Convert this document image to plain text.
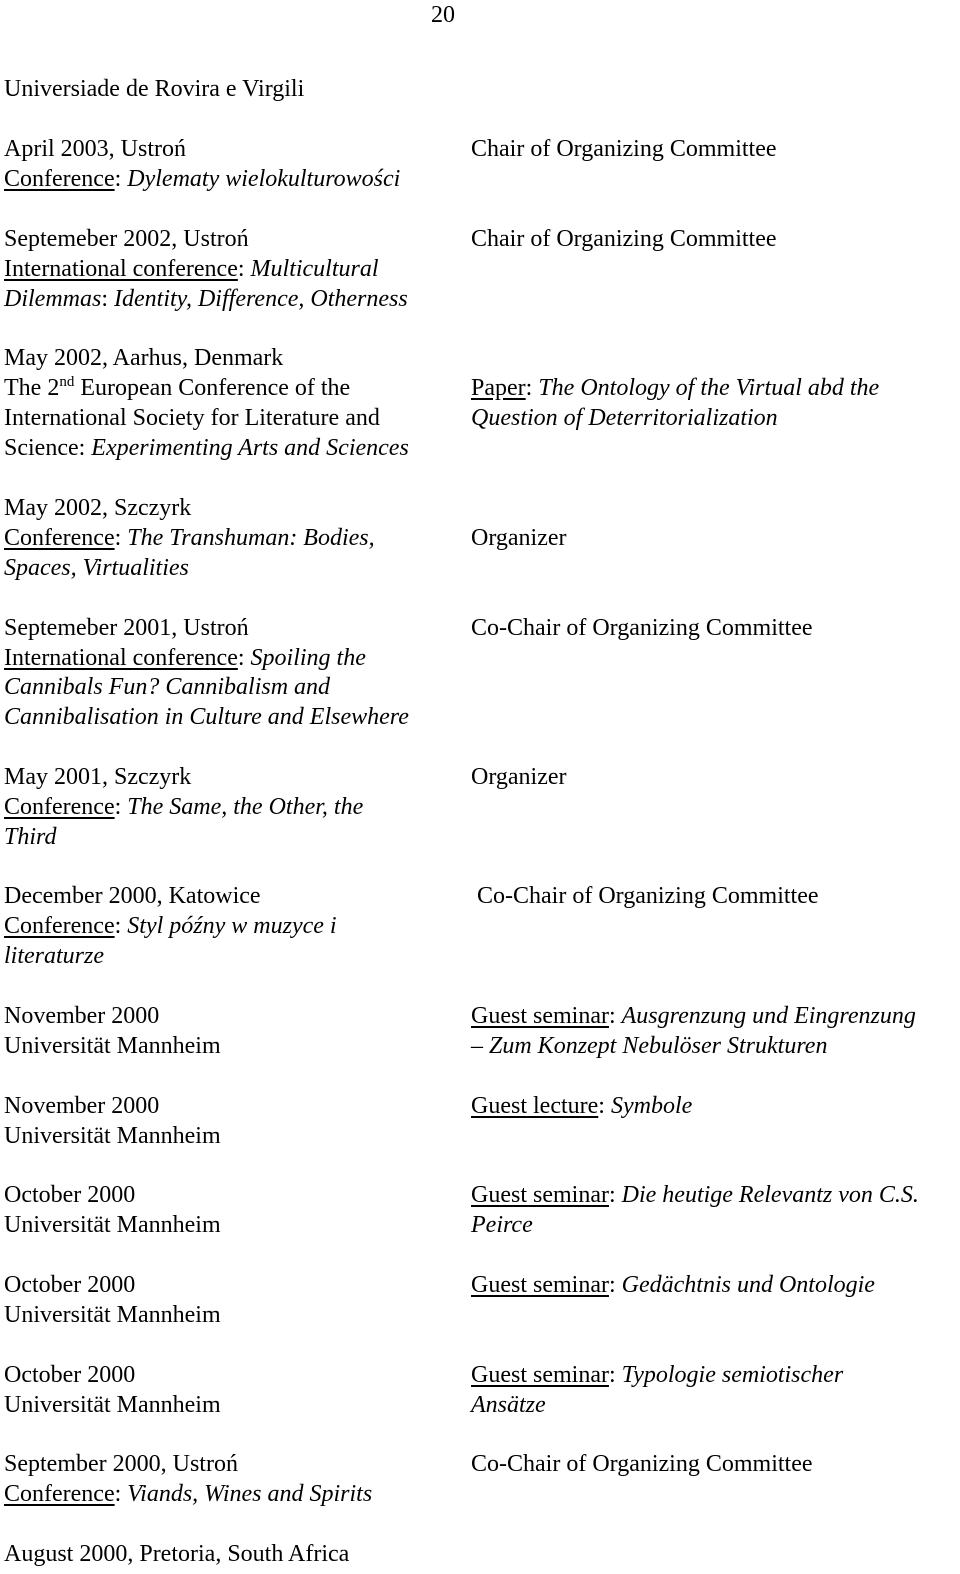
20
Universiade de Rovira e Virgili
April 2003, Ustroń
Conference: Dylematy wielokulturowości
Chair of Organizing Committee
Septemeber 2002, Ustroń
International conference: Multicultural
Dilemmas: Identity, Difference, Otherness
Chair of Organizing Committee
May 2002, Aarhus, Denmark
The 2nd European Conference of the
International Society for Literature and
Science: Experimenting Arts and Sciences
Paper: The Ontology of the Virtual abd the
Question of Deterritorialization
May 2002, Szczyrk
Conference: The Transhuman: Bodies,
Spaces, Virtualities
Organizer
Septemeber 2001, Ustroń
International conference: Spoiling the
Cannibals Fun? Cannibalism and
Cannibalisation in Culture and Elsewhere
Co-Chair of Organizing Committee
May 2001, Szczyrk
Conference: The Same, the Other, the
Third
Organizer
December 2000, Katowice
Conference: Styl późny w muzyce i
literaturze
Co-Chair of Organizing Committee
November 2000
Universität Mannheim
Guest seminar: Ausgrenzung und Eingrenzung
– Zum Konzept Nebulöser Strukturen
November 2000
Universität Mannheim
Guest lecture: Symbole
October 2000
Universität Mannheim
Guest seminar: Die heutige Relevantz von C.S.
Peirce
October 2000
Universität Mannheim
Guest seminar: Gedächtnis und Ontologie
October 2000
Universität Mannheim
Guest seminar: Typologie semiotischer
Ansätze
September 2000, Ustroń
Conference: Viands, Wines and Spirits
Co-Chair of Organizing Committee
August 2000, Pretoria, South Africa
